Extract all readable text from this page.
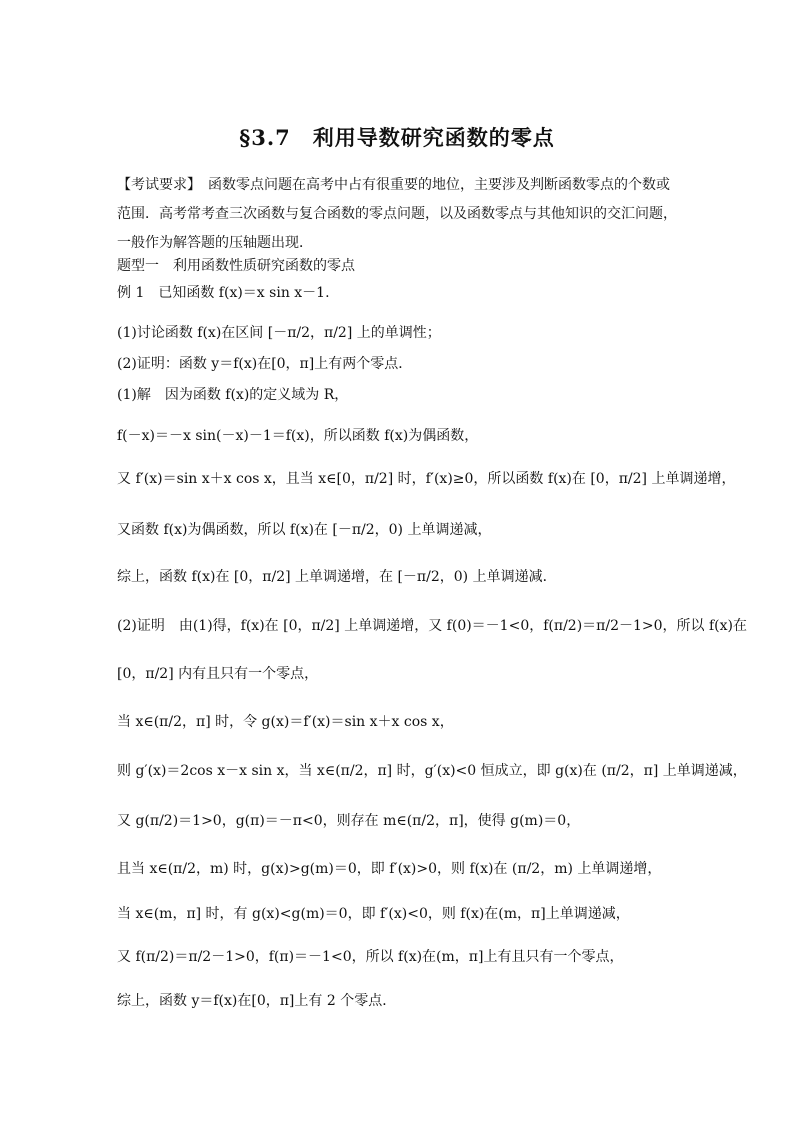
§3.7　利用导数研究函数的零点
【考试要求】　函数零点问题在高考中占有很重要的地位，主要涉及判断函数零点的个数或范围．高考常考查三次函数与复合函数的零点问题，以及函数零点与其他知识的交汇问题，一般作为解答题的压轴题出现．
题型一　利用函数性质研究函数的零点
例 1　已知函数 f(x)＝x sin x－1.
(1)讨论函数 f(x)在区间 [－π/2，π/2] 上的单调性；
(2)证明：函数 y＝f(x)在[0，π]上有两个零点．
(1)解　因为函数 f(x)的定义域为 R，
f(－x)＝－x sin(－x)－1＝f(x)，所以函数 f(x)为偶函数，
又 f′(x)＝sin x＋x cos x，且当 x∈[0，π/2] 时，f′(x)≥0，所以函数 f(x)在 [0，π/2] 上单调递增，
又函数 f(x)为偶函数，所以 f(x)在 [－π/2，0) 上单调递减，
综上，函数 f(x)在 [0，π/2] 上单调递增，在 [－π/2，0) 上单调递减．
(2)证明　由(1)得，f(x)在 [0，π/2] 上单调递增，又 f(0)＝－1<0，f(π/2)＝π/2－1>0，所以 f(x)在
[0，π/2] 内有且只有一个零点，
当 x∈(π/2，π] 时，令 g(x)＝f′(x)＝sin x＋x cos x，
则 g′(x)＝2cos x－x sin x，当 x∈(π/2，π] 时，g′(x)<0 恒成立，即 g(x)在 (π/2，π] 上单调递减，
又 g(π/2)＝1>0，g(π)＝－π<0，则存在 m∈(π/2，π]，使得 g(m)＝0，
且当 x∈(π/2，m) 时，g(x)>g(m)＝0，即 f′(x)>0，则 f(x)在 (π/2，m) 上单调递增，
当 x∈(m，π] 时，有 g(x)<g(m)＝0，即 f′(x)<0，则 f(x)在(m，π]上单调递减，
又 f(π/2)＝π/2－1>0，f(π)＝－1<0，所以 f(x)在(m，π]上有且只有一个零点，
综上，函数 y＝f(x)在[0，π]上有 2 个零点．
